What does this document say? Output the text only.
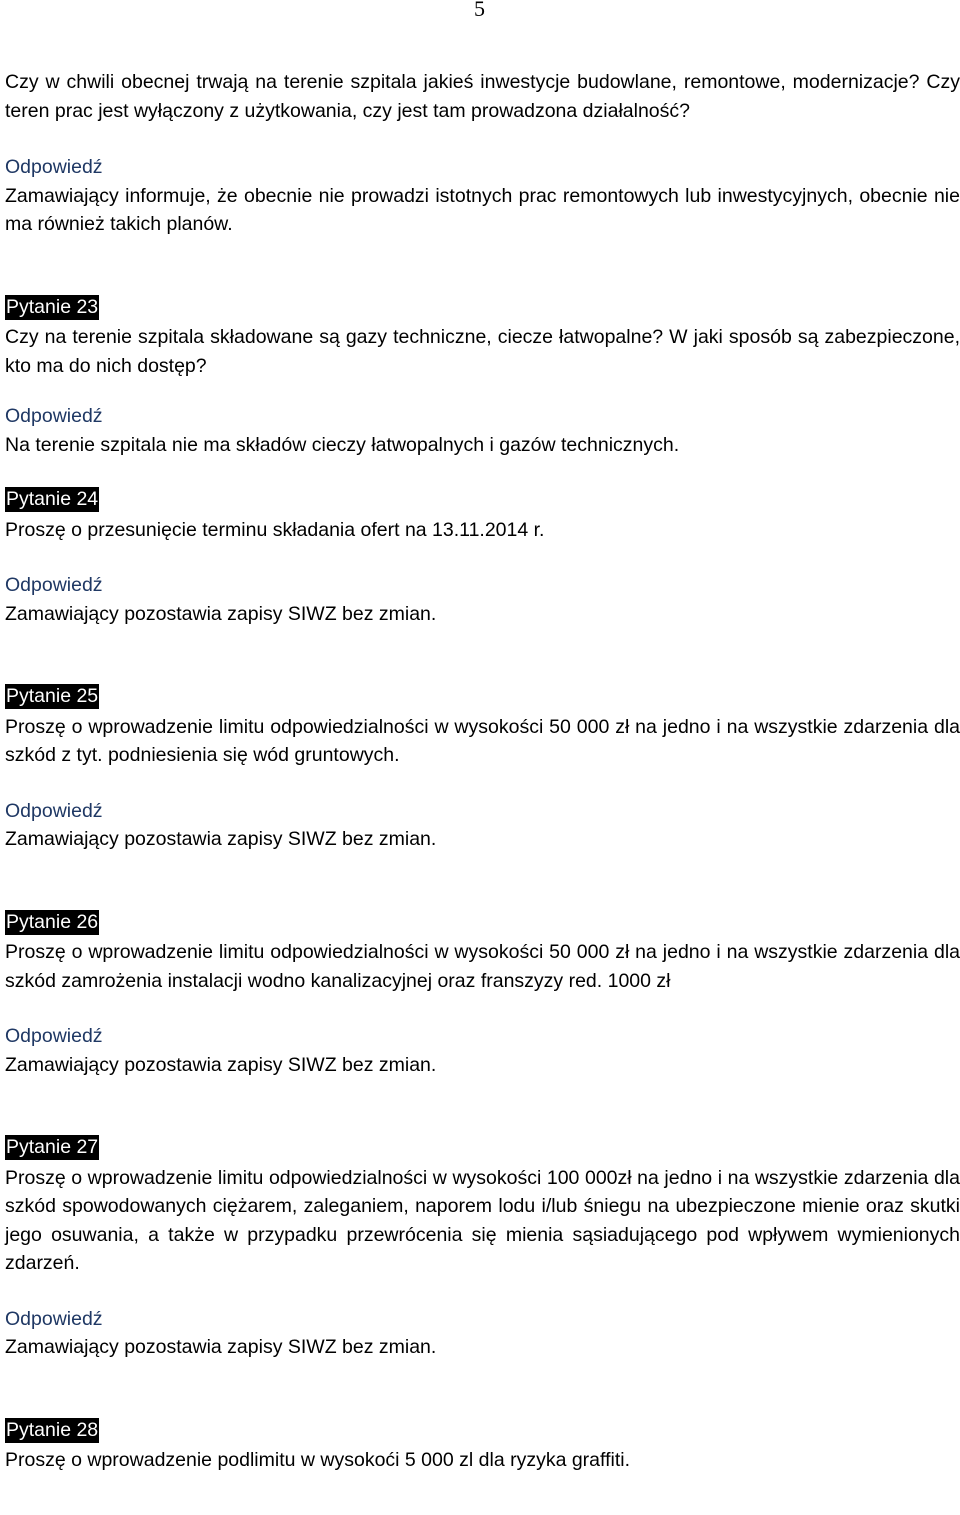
5

Czy w chwili obecnej trwają na terenie szpitala jakieś inwestycje budowlane, remontowe, modernizacje? Czy teren prac jest wyłączony z użytkowania, czy jest tam prowadzona działalność?

Odpowiedź

Zamawiający informuje, że obecnie nie prowadzi istotnych prac remontowych lub inwestycyjnych, obecnie nie ma również takich planów.

Pytanie 23

Czy na terenie szpitala składowane są gazy techniczne, ciecze łatwopalne? W jaki sposób są zabezpieczone, kto ma do nich dostęp?

Odpowiedź

Na terenie szpitala nie ma składów cieczy łatwopalnych i gazów technicznych.

Pytanie 24

Proszę o przesunięcie terminu składania ofert na 13.11.2014 r.

Odpowiedź

Zamawiający pozostawia zapisy SIWZ bez zmian.

Pytanie 25

Proszę o wprowadzenie limitu odpowiedzialności w wysokości 50 000 zł na jedno i na wszystkie zdarzenia dla szkód z tyt. podniesienia się wód gruntowych.

Odpowiedź

Zamawiający pozostawia zapisy SIWZ bez zmian.

Pytanie 26

Proszę o wprowadzenie limitu odpowiedzialności w wysokości 50 000 zł na jedno i na wszystkie zdarzenia dla szkód zamrożenia instalacji wodno kanalizacyjnej oraz franszyzy red. 1000 zł

Odpowiedź

Zamawiający pozostawia zapisy SIWZ bez zmian.

Pytanie 27

Proszę o wprowadzenie limitu odpowiedzialności w wysokości 100 000zł na jedno i na wszystkie zdarzenia dla szkód spowodowanych ciężarem, zaleganiem, naporem lodu i/lub śniegu na ubezpieczone mienie oraz skutki jego osuwania, a także w przypadku przewrócenia się mienia sąsiadującego pod wpływem wymienionych zdarzeń.

Odpowiedź

Zamawiający pozostawia zapisy SIWZ bez zmian.

Pytanie 28

Proszę o wprowadzenie podlimitu w wysokoći 5 000 zl dla ryzyka graffiti.
